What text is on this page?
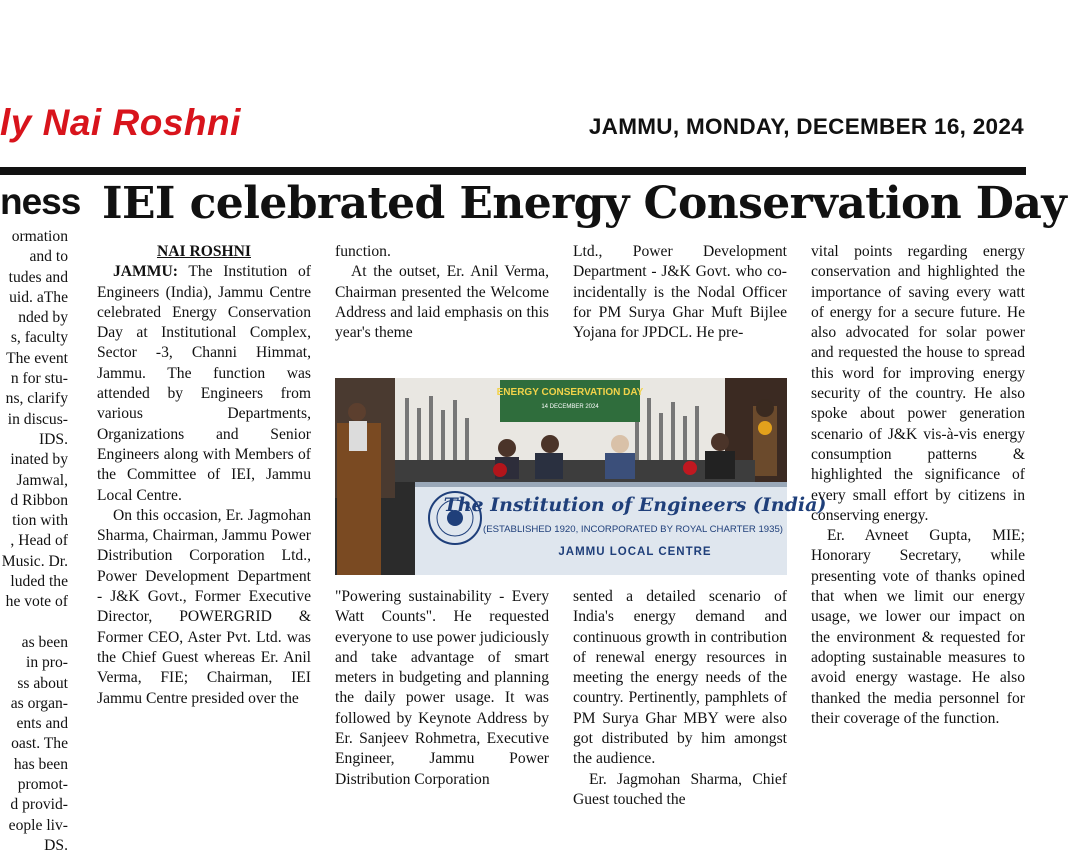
ly Nai Roshni	JAMMU, MONDAY, DECEMBER 16, 2024
ness IEI celebrated Energy Conservation Day
ormation
and to
tudes and
uid. aThe
nded by
s, faculty
The event
n for stu-
ns, clarify
in discus-
IDS.
inated by
Jamwal,
d Ribbon
tion with
, Head of
Music. Dr.
luded the
he vote of
as been
in pro-
ss about
as organ-
ents and
oast. The
has been
promot-
d provid-
eople liv-
DS.
NAI ROSHNI

JAMMU: The Institution of Engineers (India), Jammu Centre celebrated Energy Conservation Day at Institutional Complex, Sector -3, Channi Himmat, Jammu. The function was attended by Engineers from various Departments, Organizations and Senior Engineers along with Members of the Committee of IEI, Jammu Local Centre.

On this occasion, Er. Jagmohan Sharma, Chairman, Jammu Power Distribution Corporation Ltd., Power Development Department - J&K Govt., Former Executive Director, POWERGRID & Former CEO, Aster Pvt. Ltd. was the Chief Guest whereas Er. Anil Verma, FIE; Chairman, IEI Jammu Centre presided over the

function.

At the outset, Er. Anil Verma, Chairman presented the Welcome Address and laid emphasis on this year's theme

Ltd., Power Development Department - J&K Govt. who co-incidentally is the Nodal Officer for PM Surya Ghar Muft Bijlee Yojana for JPDCL. He pre-

ENERGY CONSERVATION DAY
14 DECEMBER 2024
The Institution of Engineers (India)
(ESTABLISHED 1920, INCORPORATED BY ROYAL CHARTER 1935)
JAMMU LOCAL CENTRE

"Powering sustainability - Every Watt Counts". He requested everyone to use power judiciously and take advantage of smart meters in budgeting and planning the daily power usage. It was followed by Keynote Address by Er. Sanjeev Rohmetra, Executive Engineer, Jammu Power Distribution Corporation

sented a detailed scenario of India's energy demand and continuous growth in contribution of renewal energy resources in meeting the energy needs of the country. Pertinently, pamphlets of PM Surya Ghar MBY were also got distributed by him amongst the audience.

Er. Jagmohan Sharma, Chief Guest touched the

vital points regarding energy conservation and highlighted the importance of saving every watt of energy for a secure future. He also advocated for solar power and requested the house to spread this word for improving energy security of the country. He also spoke about power generation scenario of J&K vis-à-vis energy consumption patterns & highlighted the significance of every small effort by citizens in conserving energy.

Er. Avneet Gupta, MIE; Honorary Secretary, while presenting vote of thanks opined that when we limit our energy usage, we lower our impact on the environment & requested for adopting sustainable measures to avoid energy wastage. He also thanked the media personnel for their coverage of the function.
